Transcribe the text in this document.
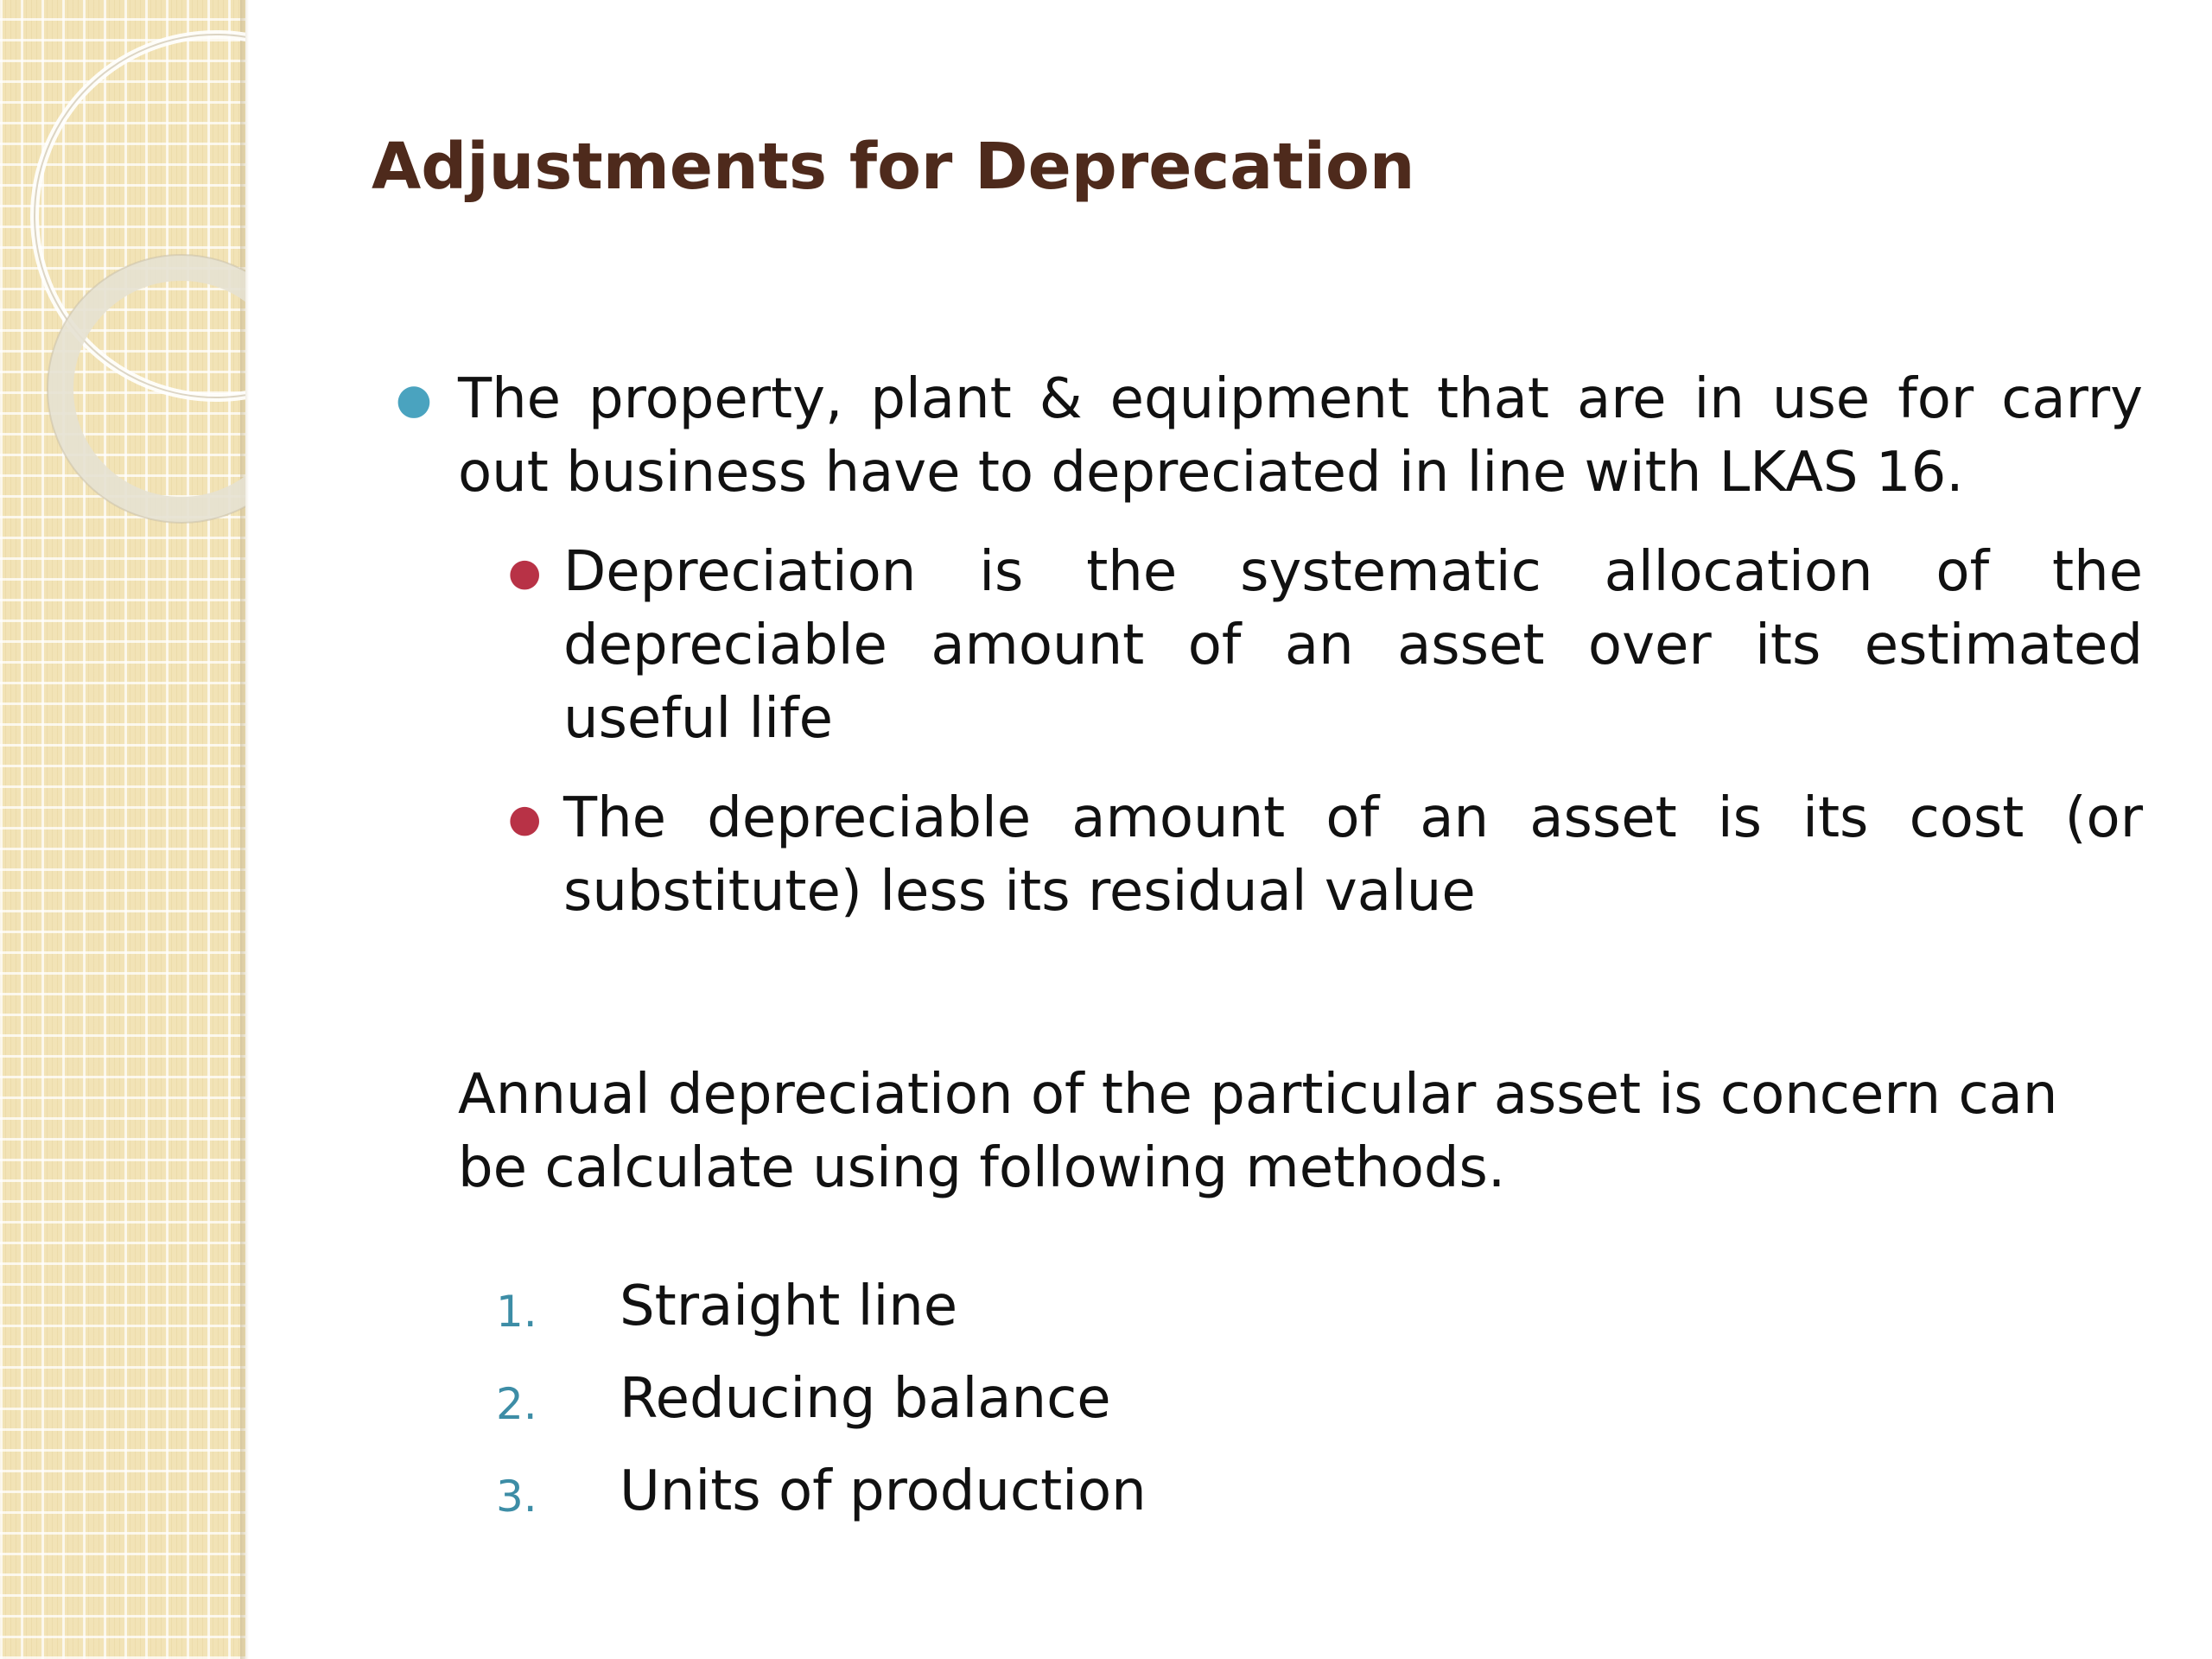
Adjustments for Deprecation

● The property, plant & equipment that are in use for carry out business have to depreciated in line with LKAS 16.

● Depreciation is the systematic allocation of the depreciable amount of an asset over its estimated useful life

● The depreciable amount of an asset is its cost (or substitute) less its residual value

Annual depreciation of the particular asset is concern can be calculate using following methods.

1. Straight line
2. Reducing balance
3. Units of production
